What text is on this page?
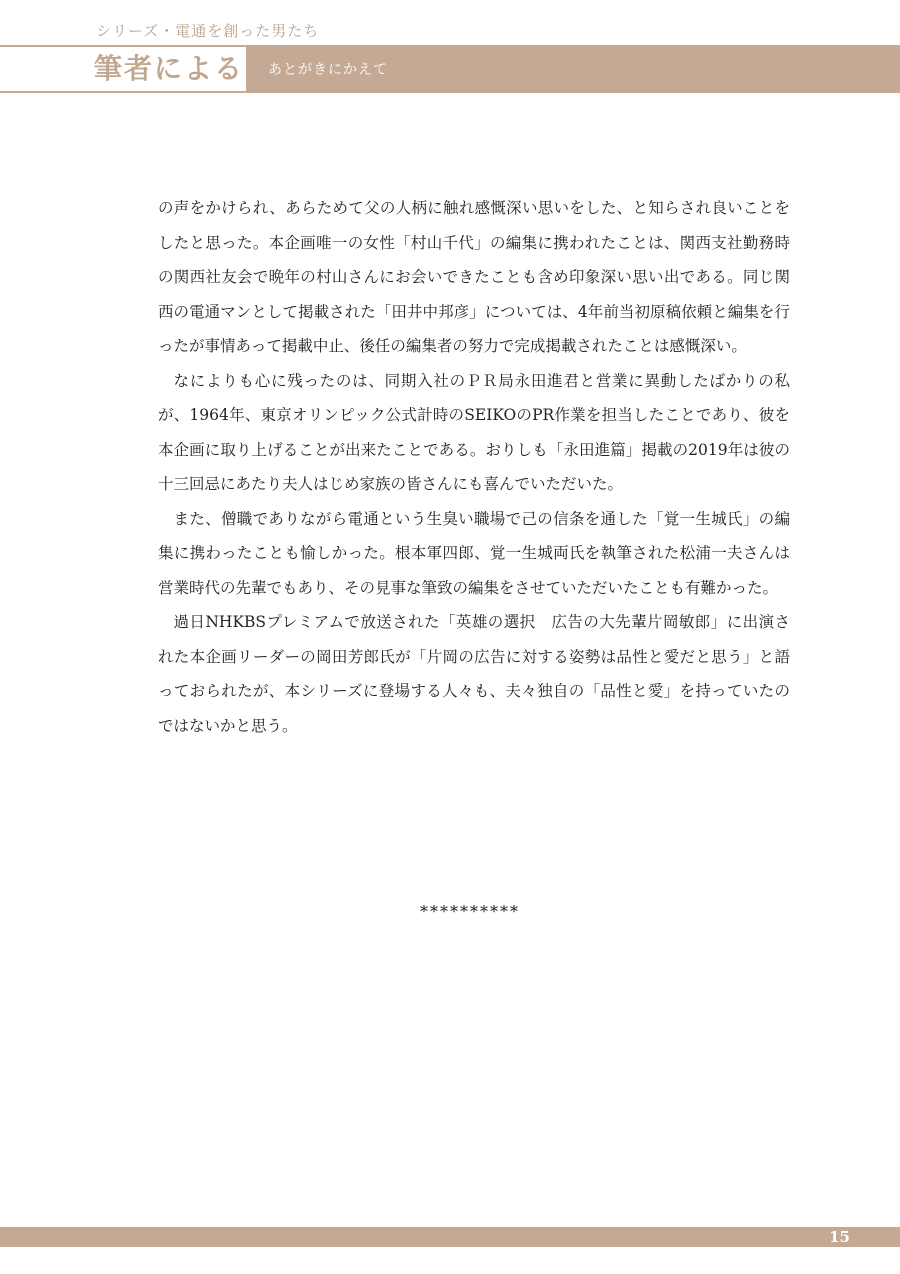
シリーズ・電通を創った男たち
筆者による あとがきにかえて

の声をかけられ、あらためて父の人柄に触れ感慨深い思いをした、と知らされ良いことをしたと思った。本企画唯一の女性「村山千代」の編集に携われたことは、関西支社勤務時の関西社友会で晩年の村山さんにお会いできたことも含め印象深い思い出である。同じ関西の電通マンとして掲載された「田井中邦彦」については、4年前当初原稿依頼と編集を行ったが事情あって掲載中止、後任の編集者の努力で完成掲載されたことは感慨深い。

なによりも心に残ったのは、同期入社のＰＲ局永田進君と営業に異動したばかりの私が、1964年、東京オリンピック公式計時のSEIKOのPR作業を担当したことであり、彼を本企画に取り上げることが出来たことである。おりしも「永田進篇」掲載の2019年は彼の十三回忌にあたり夫人はじめ家族の皆さんにも喜んでいただいた。

また、僧職でありながら電通という生臭い職場で己の信条を通した「覚一生城氏」の編集に携わったことも愉しかった。根本軍四郎、覚一生城両氏を執筆された松浦一夫さんは営業時代の先輩でもあり、その見事な筆致の編集をさせていただいたことも有難かった。

過日NHKBSプレミアムで放送された「英雄の選択　広告の大先輩片岡敏郎」に出演された本企画リーダーの岡田芳郎氏が「片岡の広告に対する姿勢は品性と愛だと思う」と語っておられたが、本シリーズに登場する人々も、夫々独自の「品性と愛」を持っていたのではないかと思う。

**********
15
